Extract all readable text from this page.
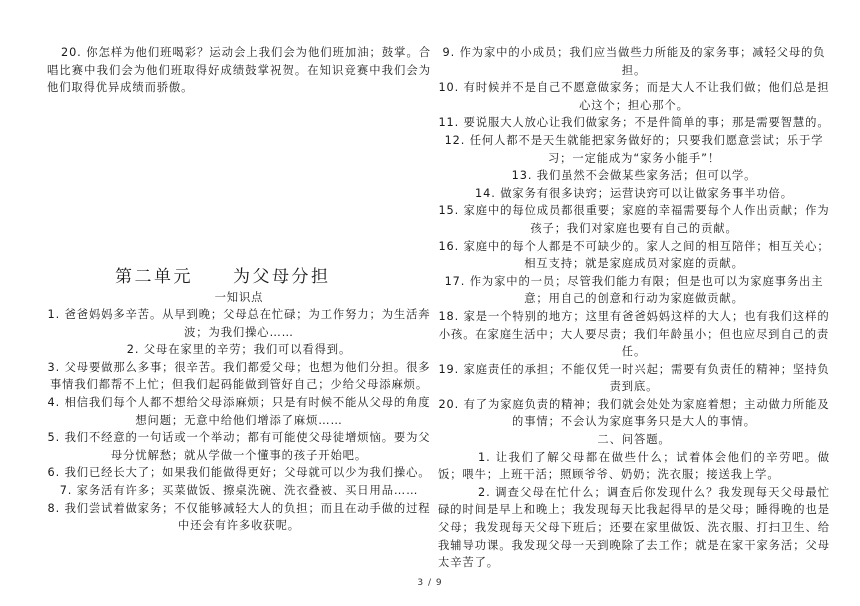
20. 你怎样为他们班喝彩？运动会上我们会为他们班加油；鼓掌。合唱比赛中我们会为他们班取得好成绩鼓掌祝贺。在知识竞赛中我们会为他们取得优异成绩而骄傲。

一知识点

1. 爸爸妈妈多辛苦。从早到晚；父母总在忙碌；为工作努力；为生活奔波；为我们操心……

2. 父母在家里的辛劳；我们可以看得到。

3. 父母要做那么多事；很辛苦。我们都爱父母；也想为他们分担。很多事情我们都帮不上忙；但我们起码能做到管好自己；少给父母添麻烦。

4. 相信我们每个人都不想给父母添麻烦；只是有时候不能从父母的角度想问题；无意中给他们增添了麻烦……

5. 我们不经意的一句话或一个举动；都有可能使父母徒增烦恼。要为父母分忧解愁；就从学做一个懂事的孩子开始吧。

6. 我们已经长大了；如果我们能做得更好；父母就可以少为我们操心。

7. 家务活有许多；买菜做饭、擦桌洗碗、洗衣叠被、买日用品……

8. 我们尝试着做家务；不仅能够减轻大人的负担；而且在动手做的过程中还会有许多收获呢。

第二单元 为父母分担

9. 作为家中的小成员；我们应当做些力所能及的家务事；减轻父母的负担。

10. 有时候并不是自己不愿意做家务；而是大人不让我们做；他们总是担心这个；担心那个。

11. 要说服大人放心让我们做家务；不是件简单的事；那是需要智慧的。

12. 任何人都不是天生就能把家务做好的；只要我们愿意尝试；乐于学习；一定能成为“家务小能手”！

13. 我们虽然不会做某些家务活；但可以学。

14. 做家务有很多诀窍；运营诀窍可以让做家务事半功倍。

15. 家庭中的每位成员都很重要；家庭的幸福需要每个人作出贡献；作为孩子；我们对家庭也要有自己的贡献。

16. 家庭中的每个人都是不可缺少的。家人之间的相互陪伴；相互关心；相互支持；就是家庭成员对家庭的贡献。

17. 作为家中的一员；尽管我们能力有限；但是也可以为家庭事务出主意；用自己的创意和行动为家庭做贡献。

18. 家是一个特别的地方；这里有爸爸妈妈这样的大人；也有我们这样的小孩。在家庭生活中；大人要尽责；我们年龄虽小；但也应尽到自己的责任。

19. 家庭责任的承担；不能仅凭一时兴起；需要有负责任的精神；坚持负责到底。

20. 有了为家庭负责的精神；我们就会处处为家庭着想；主动做力所能及的事情；不会认为家庭事务只是大人的事情。

二、问答题。

1. 让我们了解父母都在做些什么；试着体会他们的辛劳吧。做饭；喂牛；上班干活；照顾爷爷、奶奶；洗衣服；接送我上学。

2. 调查父母在忙什么；调查后你发现什么？我发现每天父母最忙碌的时间是早上和晚上；我发现每天比我起得早的是父母；睡得晚的也是父母；我发现每天父母下班后；还要在家里做饭、洗衣服、打扫卫生、给我辅导功课。我发现父母一天到晚除了去工作；就是在家干家务活；父母太辛苦了。

3 / 9
